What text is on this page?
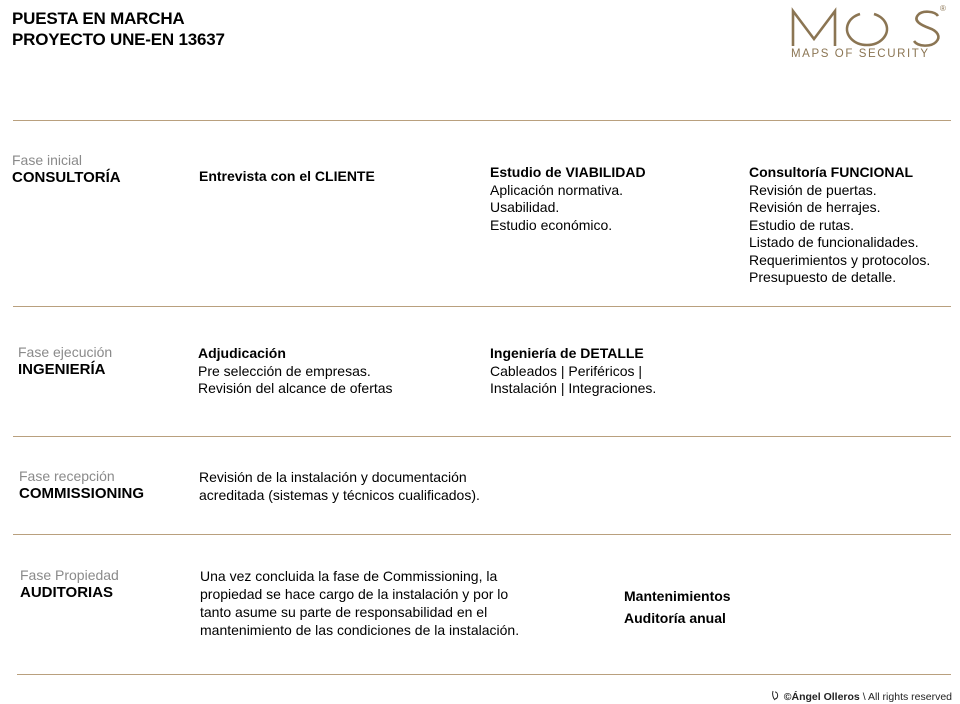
PUESTA EN MARCHA
PROYECTO UNE-EN 13637
®
MAPS OF SECURITY
Fase inicial
CONSULTORÍA	Entrevista con el CLIENTE	Estudio de VIABILIDAD
Aplicación normativa.
Usabilidad.
Estudio económico.
Consultoría FUNCIONAL
Revisión de puertas.
Revisión de herrajes.
Estudio de rutas.
Listado de funcionalidades.
Requerimientos y protocolos.
Presupuesto de detalle.
Fase ejecución
INGENIERÍA
Adjudicación
Pre selección de empresas.
Revisión del alcance de ofertas
Ingeniería de DETALLE
Cableados | Periféricos |
Instalación | Integraciones.
Fase recepción
COMMISSIONING
Revisión de la instalación y documentación
acreditada (sistemas y técnicos cualificados).
Fase Propiedad
AUDITORIAS
Una vez concluida la fase de Commissioning, la
propiedad se hace cargo de la instalación y por lo
tanto asume su parte de responsabilidad en el
mantenimiento de las condiciones de la instalación.
Mantenimientos
Auditoría anual
©Ángel Olleros \ All rights reserved
